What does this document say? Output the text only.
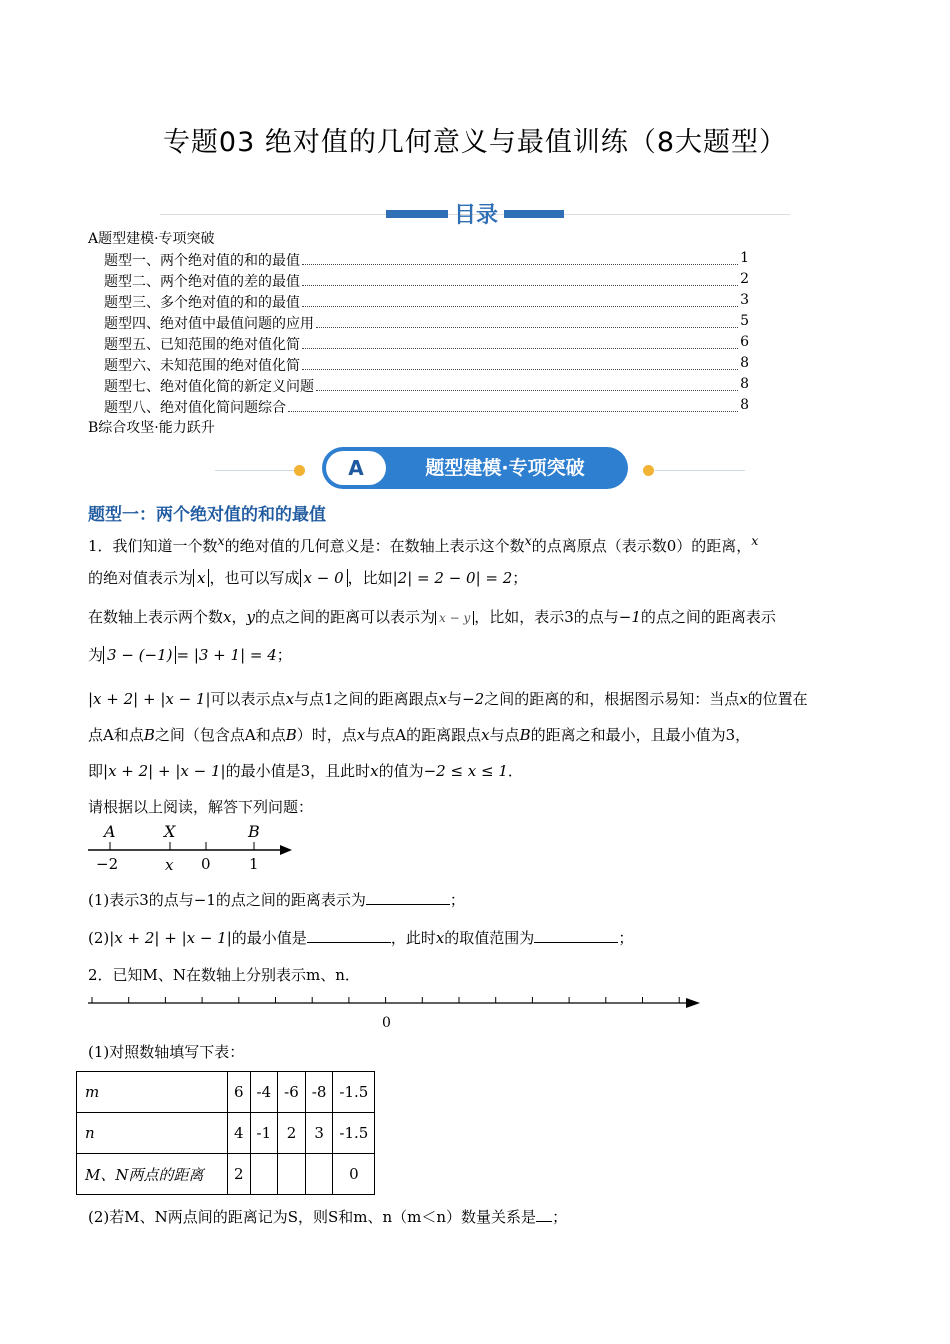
专题03 绝对值的几何意义与最值训练（8大题型）
目录
A题型建模·专项突破
题型一、两个绝对值的和的最值	1
题型二、两个绝对值的差的最值	2
题型三、多个绝对值的和的最值	3
题型四、绝对值中最值问题的应用	5
题型五、已知范围的绝对值化简	6
题型六、未知范围的绝对值化简	8
题型七、绝对值化简的新定义问题	8
题型八、绝对值化简问题综合	8
B综合攻坚·能力跃升
A	题型建模·专项突破
题型一：两个绝对值的和的最值
1．我们知道一个数$^x$的绝对值的几何意义是：在数轴上表示这个数$^x$的点离原点（表示数0）的距离，$^x$
的绝对值表示为 x ，也可以写成 x − 0 ，比如|2| = 2 − 0| = 2；
在数轴上表示两个数x，y的点之间的距离可以表示为 x − y ，比如，表示3的点与−1的点之间的距离表示
为 3 − (−1) = |3 + 1| = 4；
|x + 2| + |x − 1|可以表示点x与点1之间的距离跟点x与−2之间的距离的和，根据图示易知：当点x的位置在
点A和点B之间（包含点A和点B）时，点x与点A的距离跟点x与点B的距离之和最小，且最小值为3，
即|x + 2| + |x − 1|的最小值是3，且此时x的值为−2 ≤ x ≤ 1．
请根据以上阅读，解答下列问题：
A	X	B
−2	x 0	1
(1)表示3的点与−1的点之间的距离表示为	；
(2)|x + 2| + |x − 1|的最小值是	，此时x的取值范围为	；
2．已知M、N在数轴上分别表示m、n．
0
(1)对照数轴填写下表：
m	6	-4	-6	-8	-1.5
n	4	-1	2	3	-1.5
M、N两点的距离	2				0
(2)若M、N两点间的距离记为S，则S和m、n（m＜n）数量关系是 ；
